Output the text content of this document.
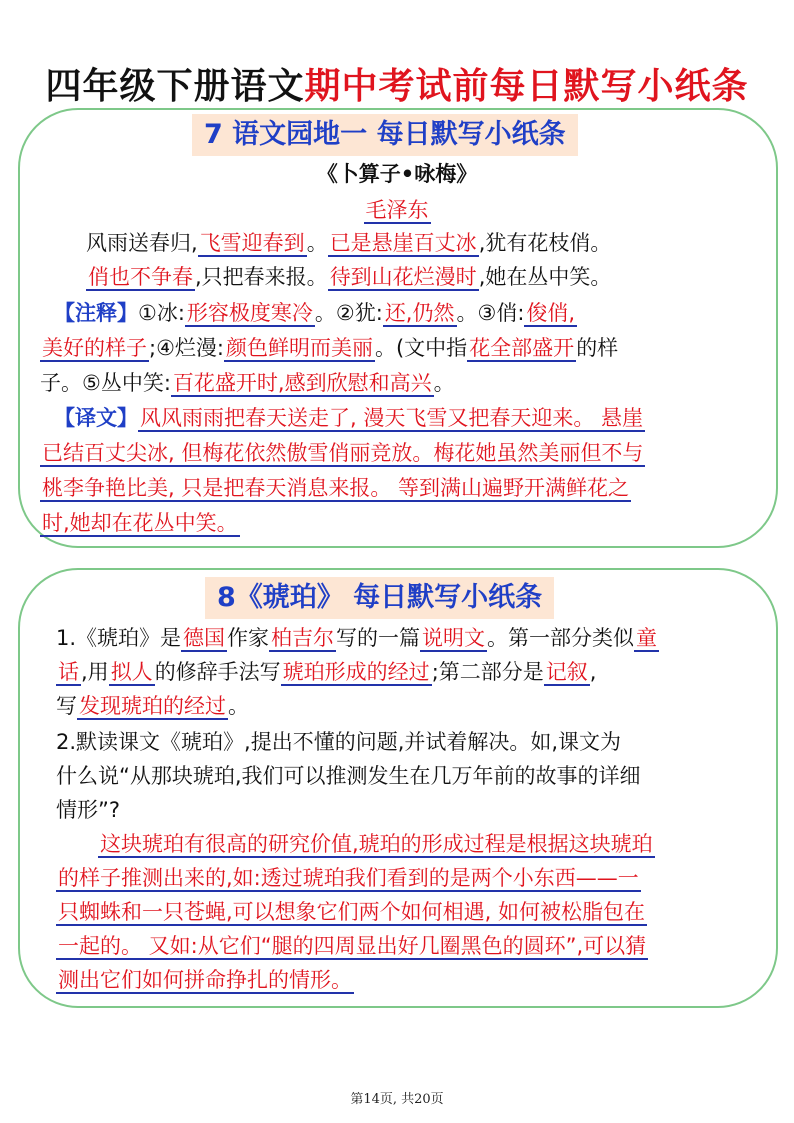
四年级下册语文期中考试前每日默写小纸条
7 语文园地一 每日默写小纸条
《卜算子•咏梅》
毛泽东
风雨送春归,飞雪迎春到。已是悬崖百丈冰,犹有花枝俏。
俏也不争春,只把春来报。待到山花烂漫时,她在丛中笑。
【注释】①冰:形容极度寒冷。②犹:还,仍然。③俏:俊俏,
美好的样子;④烂漫:颜色鲜明而美丽。(文中指花全部盛开的样
子。⑤丛中笑:百花盛开时,感到欣慰和高兴。
【译文】风风雨雨把春天送走了, 漫天飞雪又把春天迎来。 悬崖
已结百丈尖冰, 但梅花依然傲雪俏丽竞放。梅花她虽然美丽但不与
桃李争艳比美, 只是把春天消息来报。 等到满山遍野开满鲜花之
时,她却在花丛中笑。
8《琥珀》 每日默写小纸条
1.《琥珀》是德国作家柏吉尔写的一篇说明文。第一部分类似童
话,用拟人的修辞手法写琥珀形成的经过;第二部分是记叙,
写发现琥珀的经过。
2.默读课文《琥珀》,提出不懂的问题,并试着解决。如,课文为
什么说“从那块琥珀,我们可以推测发生在几万年前的故事的详细
情形”?
这块琥珀有很高的研究价值,琥珀的形成过程是根据这块琥珀
的样子推测出来的,如:透过琥珀我们看到的是两个小东西——一
只蜘蛛和一只苍蝇,可以想象它们两个如何相遇, 如何被松脂包在
一起的。 又如:从它们“腿的四周显出好几圈黑色的圆环”,可以猜
测出它们如何拼命挣扎的情形。
第14页, 共20页
